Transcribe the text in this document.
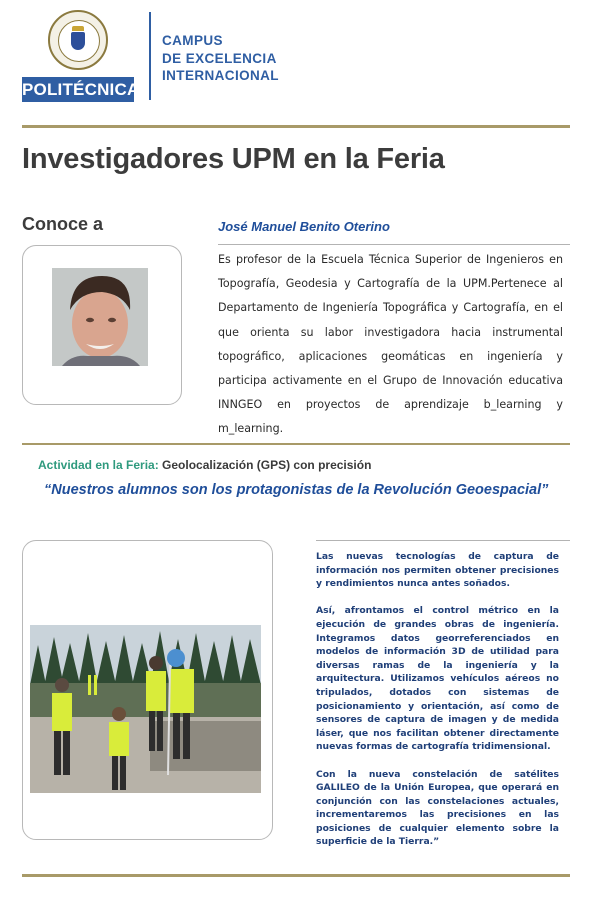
POLITÉCNICA
CAMPUS
DE EXCELENCIA
INTERNACIONAL
Investigadores UPM en la Feria
Conoce a	José Manuel Benito Oterino
Es profesor de la Escuela Técnica Superior de Ingenieros en Topografía, Geodesia y Cartografía de la UPM.Pertenece al Departamento de Ingeniería Topográfica y Cartografía, en el que orienta su labor investigadora hacia instrumental topográfico, aplicaciones geomáticas en ingeniería y participa activamente en el Grupo de Innovación educativa INNGEO en proyectos de aprendizaje b_learning y m_learning.
Actividad en la Feria: Geolocalización (GPS) con precisión
“Nuestros alumnos son los protagonistas de la Revolución Geoespacial”

Las nuevas tecnologías de captura de información nos permiten obtener precisiones y rendimientos nunca antes soñados.

Así, afrontamos el control métrico en la ejecución de grandes obras de ingeniería. Integramos datos georreferenciados en modelos de información 3D de utilidad para diversas ramas de la ingeniería y la arquitectura. Utilizamos vehículos aéreos no tripulados, dotados con sistemas de posicionamiento y orientación, así como de sensores de captura de imagen y de medida láser, que nos facilitan obtener directamente nuevas formas de cartografía tridimensional.

Con la nueva constelación de satélites GALILEO de la Unión Europea, que operará en conjunción con las constelaciones actuales, incrementaremos las precisiones en las posiciones de cualquier elemento sobre la superficie de la Tierra.”
